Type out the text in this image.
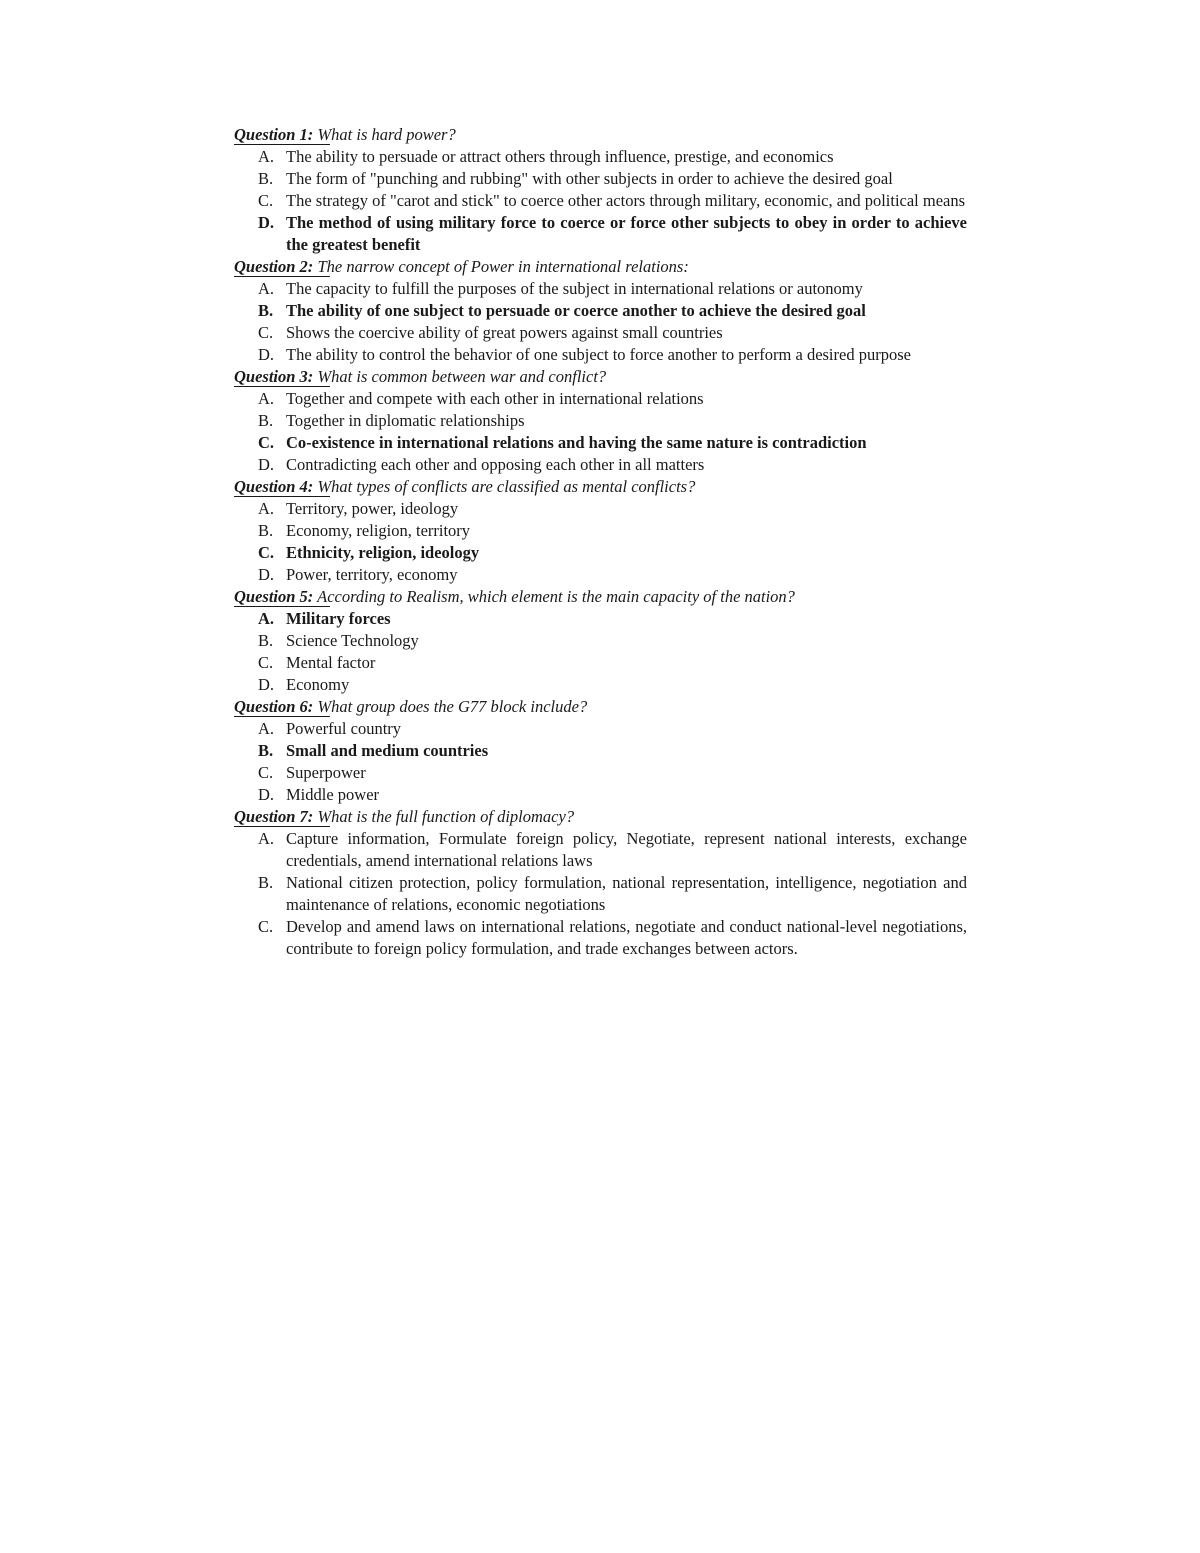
Question 1: What is hard power?
A. The ability to persuade or attract others through influence, prestige, and economics
B. The form of "punching and rubbing" with other subjects in order to achieve the desired goal
C. The strategy of "carot and stick" to coerce other actors through military, economic, and political means
D. The method of using military force to coerce or force other subjects to obey in order to achieve the greatest benefit
Question 2: The narrow concept of Power in international relations:
A. The capacity to fulfill the purposes of the subject in international relations or autonomy
B. The ability of one subject to persuade or coerce another to achieve the desired goal
C. Shows the coercive ability of great powers against small countries
D. The ability to control the behavior of one subject to force another to perform a desired purpose
Question 3: What is common between war and conflict?
A. Together and compete with each other in international relations
B. Together in diplomatic relationships
C. Co-existence in international relations and having the same nature is contradiction
D. Contradicting each other and opposing each other in all matters
Question 4: What types of conflicts are classified as mental conflicts?
A. Territory, power, ideology
B. Economy, religion, territory
C. Ethnicity, religion, ideology
D. Power, territory, economy
Question 5: According to Realism, which element is the main capacity of the nation?
A. Military forces
B. Science Technology
C. Mental factor
D. Economy
Question 6: What group does the G77 block include?
A. Powerful country
B. Small and medium countries
C. Superpower
D. Middle power
Question 7: What is the full function of diplomacy?
A. Capture information, Formulate foreign policy, Negotiate, represent national interests, exchange credentials, amend international relations laws
B. National citizen protection, policy formulation, national representation, intelligence, negotiation and maintenance of relations, economic negotiations
C. Develop and amend laws on international relations, negotiate and conduct national-level negotiations, contribute to foreign policy formulation, and trade exchanges between actors.
